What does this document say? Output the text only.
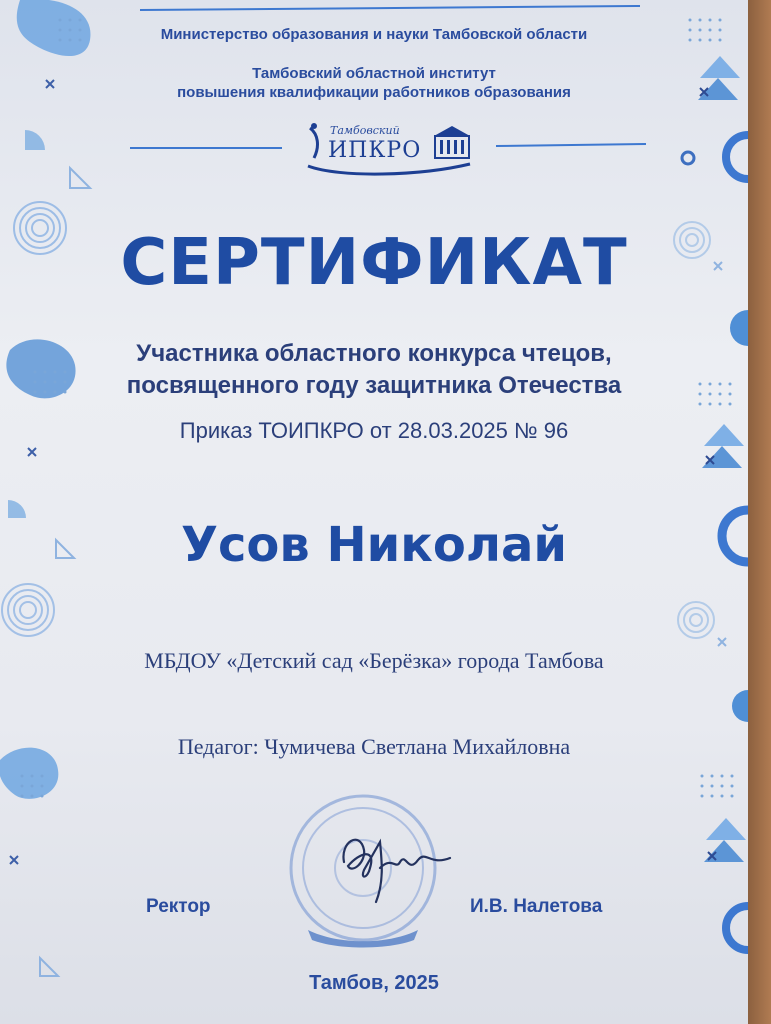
Министерство образования и науки Тамбовской области
Тамбовский областной институт
повышения квалификации работников образования
Тамбовский
ИПКРО
СЕРТИФИКАТ
Участника областного конкурса чтецов,
посвященного году защитника Отечества
Приказ ТОИПКРО от 28.03.2025 № 96
Усов Николай
МБДОУ «Детский сад «Берёзка» города Тамбова
Педагог: Чумичева Светлана Михайловна
Ректор	И.В. Налетова
Тамбов, 2025
